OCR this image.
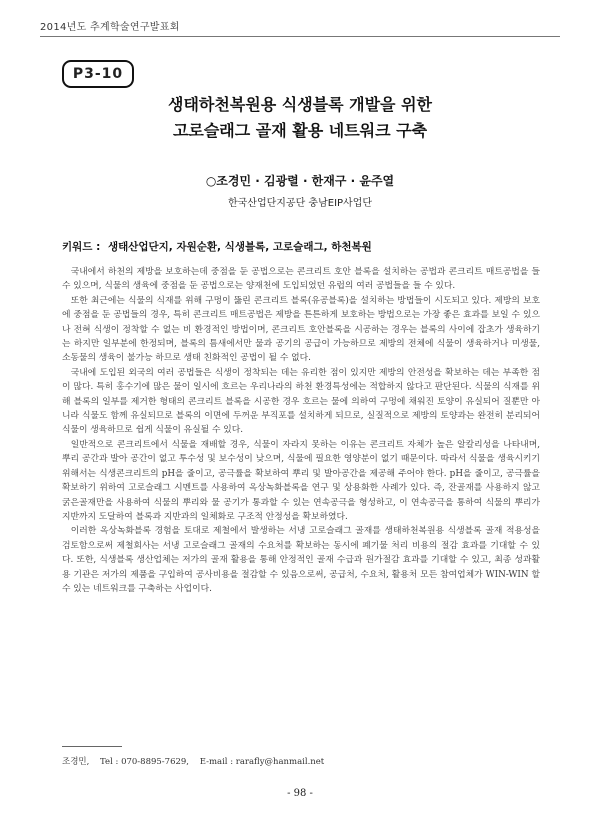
2014년도 추계학술연구발표회
P3-10
생태하천복원용 식생블록 개발을 위한
고로슬래그 골재 활용 네트워크 구축
○조경민 · 김광렬 · 한재구 · 윤주열
한국산업단지공단 충남EIP사업단
키워드 : 생태산업단지, 자원순환, 식생블록, 고로슬래그, 하천복원

국내에서 하천의 제방을 보호하는데 중점을 둔 공법으로는 콘크리트 호안 블록을 설치하는 공법과 콘크리트 매트공법을 들 수 있으며, 식물의 생육에 중점을 둔 공법으로는 양재천에 도입되었던 유럽의 여러 공법들을 들 수 있다.

또한 최근에는 식물의 식재를 위해 구멍이 뚫린 콘크리트 블록(유공블록)을 설치하는 방법들이 시도되고 있다. 제방의 보호에 중점을 둔 공법들의 경우, 특히 콘크리트 매트공법은 제방을 튼튼하게 보호하는 방법으로는 가장 좋은 효과를 보일 수 있으나 전혀 식생이 정착할 수 없는 비 환경적인 방법이며, 콘크리트 호안블록을 시공하는 경우는 블록의 사이에 잡초가 생육하기는 하지만 일부분에 한정되며, 블록의 틈새에서만 물과 공기의 공급이 가능하므로 제방의 전체에 식물이 생육하거나 미생물, 소동물의 생육이 불가능 하므로 생태 친화적인 공법이 될 수 없다.

국내에 도입된 외국의 여러 공법들은 식생이 정착되는 데는 유리한 점이 있지만 제방의 안전성을 확보하는 데는 부족한 점이 많다. 특히 홍수기에 많은 물이 일시에 흐르는 우리나라의 하천 환경특성에는 적합하지 않다고 판단된다. 식물의 식재를 위해 블록의 일부를 제거한 형태의 콘크리트 블록을 시공한 경우 흐르는 물에 의하여 구멍에 채워진 토양이 유실되어 질뿐만 아니라 식물도 함께 유실되므로 블록의 이면에 두꺼운 부직포를 설치하게 되므로, 실질적으로 제방의 토양과는 완전히 분리되어 식물이 생육하므로 쉽게 식물이 유실될 수 있다.

일반적으로 콘크리트에서 식물을 재배할 경우, 식물이 자라지 못하는 이유는 콘크리트 자체가 높은 알칼리성을 나타내며, 뿌리 공간과 발아 공간이 없고 투수성 및 보수성이 낮으며, 식물에 필요한 영양분이 없기 때문이다. 따라서 식물을 생육시키기 위해서는 식생콘크리트의 pH을 줄이고, 공극률을 확보하여 뿌리 및 발아공간을 제공해 주어야 한다. pH을 줄이고, 공극률을 확보하기 위하여 고로슬래그 시멘트를 사용하여 옥상녹화블록을 연구 및 상용화한 사례가 있다. 즉, 잔골재를 사용하지 않고 굵은골재만을 사용하여 식물의 뿌리와 물 공기가 통과할 수 있는 연속공극을 형성하고, 이 연속공극을 통하여 식물의 뿌리가 지반까지 도달하여 블록과 지반과의 일체화로 구조적 안정성을 확보하였다.

이러한 옥상녹화블록 경험을 토대로 제철에서 발생하는 서냉 고로슬래그 골재를 생태하천복원용 식생블록 골재 적용성을 검토함으로써 제철회사는 서냉 고로슬래그 골재의 수요처를 확보하는 동시에 폐기물 처리 비용의 절감 효과를 기대할 수 있다. 또한, 식생블록 생산업체는 저가의 골재 활용을 통해 안정적인 골재 수급과 원가절감 효과를 기대할 수 있고, 최종 성과활용 기관은 저가의 제품을 구입하여 공사비용을 절감할 수 있음으로써, 공급처, 수요처, 활용처 모든 참여업체가 WIN-WIN 할 수 있는 네트워크를 구축하는 사업이다.

조경민, Tel : 070-8895-7629, E-mail : rarafly@hanmail.net
- 98 -
